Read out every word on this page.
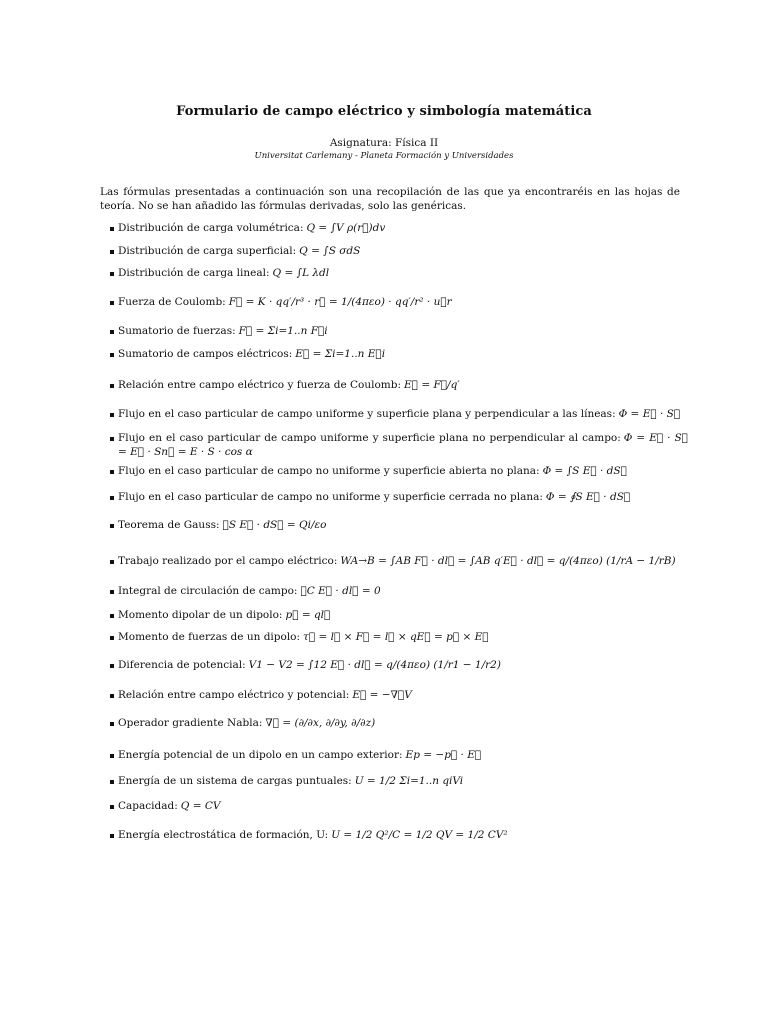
Formulario de campo eléctrico y simbología matemática
Asignatura: Física II
Universitat Carlemany - Planeta Formación y Universidades
Las fórmulas presentadas a continuación son una recopilación de las que ya encontraréis en las hojas de teoría. No se han añadido las fórmulas derivadas, solo las genéricas.
Distribución de carga volumétrica: Q = ∫V ρ(r⃗)dv
Distribución de carga superficial: Q = ∫S σdS
Distribución de carga lineal: Q = ∫L λdl
Fuerza de Coulomb: F⃗ = K · qq′/r³ · r⃗ = 1/(4πεo) · qq′/r² · u⃗r
Sumatorio de fuerzas: F⃗ = Σi=1..n F⃗i
Sumatorio de campos eléctricos: E⃗ = Σi=1..n E⃗i
Relación entre campo eléctrico y fuerza de Coulomb: E⃗ = F⃗/q′
Flujo en el caso particular de campo uniforme y superficie plana y perpendicular a las líneas: Φ = E⃗ · S⃗
Flujo en el caso particular de campo uniforme y superficie plana no perpendicular al campo: Φ = E⃗ · S⃗ = E⃗ · Sn⃗ = E · S · cos α
Flujo en el caso particular de campo no uniforme y superficie abierta no plana: Φ = ∫S E⃗ · dS⃗
Flujo en el caso particular de campo no uniforme y superficie cerrada no plana: Φ = ∮S E⃗ · dS⃗
Teorema de Gauss: ∮S E⃗ · dS⃗ = Qi/εo
Trabajo realizado por el campo eléctrico: WA→B = ∫AB F⃗ · dl⃗ = ∫AB q′E⃗ · dl⃗ = q/(4πεo) (1/rA − 1/rB)
Integral de circulación de campo: ∮C E⃗ · dl⃗ = 0
Momento dipolar de un dipolo: p⃗ = ql⃗
Momento de fuerzas de un dipolo: τ⃗ = l⃗ × F⃗ = l⃗ × qE⃗ = p⃗ × E⃗
Diferencia de potencial: V1 − V2 = ∫12 E⃗ · dl⃗ = q/(4πεo) (1/r1 − 1/r2)
Relación entre campo eléctrico y potencial: E⃗ = −∇⃗V
Operador gradiente Nabla: ∇⃗ = (∂/∂x, ∂/∂y, ∂/∂z)
Energía potencial de un dipolo en un campo exterior: Ep = −p⃗ · E⃗
Energía de un sistema de cargas puntuales: U = 1/2 Σi=1..n qiVi
Capacidad: Q = CV
Energía electrostática de formación, U: U = 1/2 Q²/C = 1/2 QV = 1/2 CV²
